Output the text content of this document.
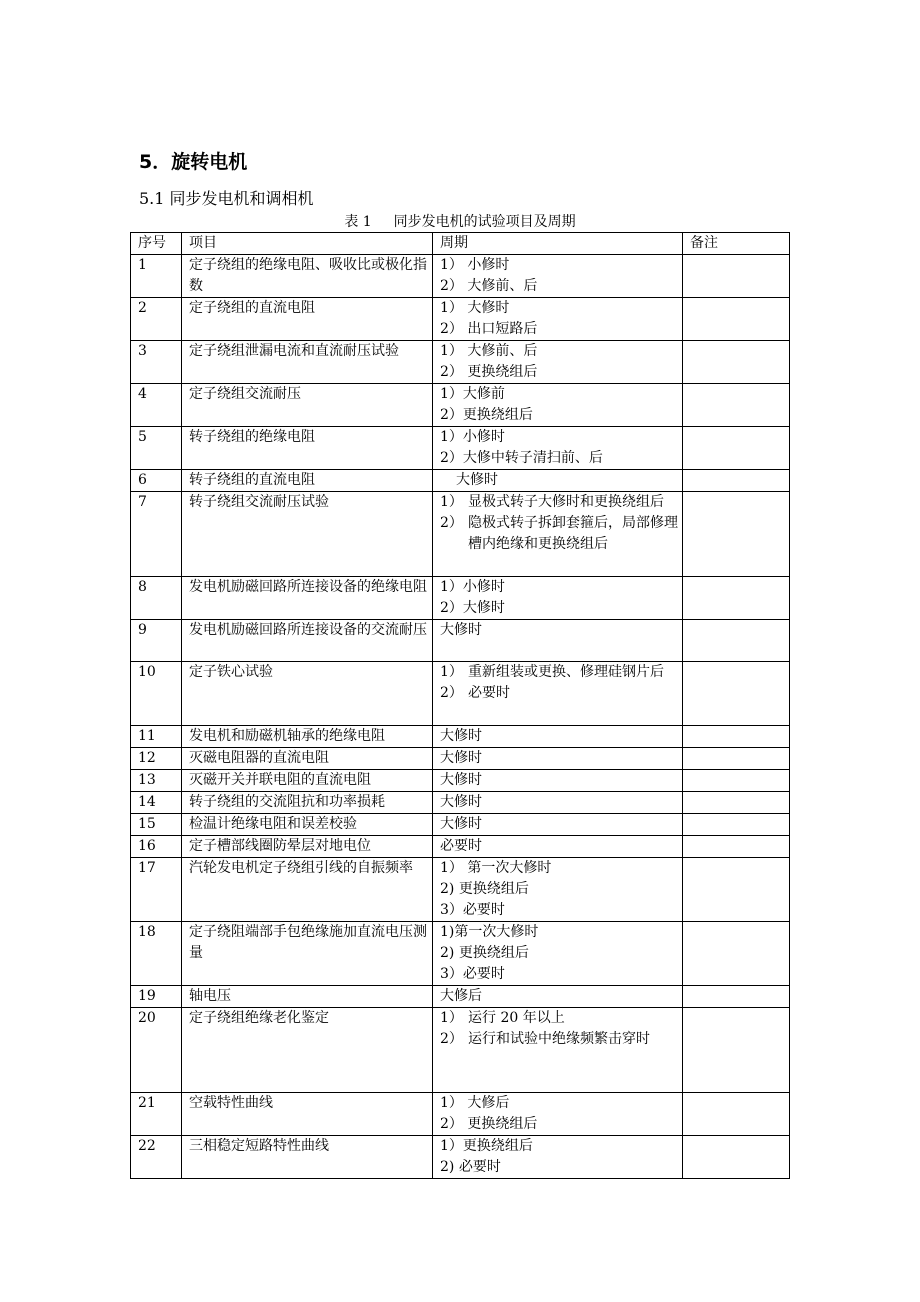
5．旋转电机
5.1 同步发电机和调相机
表 1 同步发电机的试验项目及周期
序号	项目	周期	备注
1	定子绕组的绝缘电阻、吸收比或极化指数	1） 小修时
2） 大修前、后	

2	定子绕组的直流电阻	1） 大修时
2） 出口短路后	

3	定子绕组泄漏电流和直流耐压试验	1） 大修前、后
2） 更换绕组后	

4	定子绕组交流耐压	1）大修前
2）更换绕组后	

5	转子绕组的绝缘电阻	1）小修时
2）大修中转子清扫前、后	

6	转子绕组的直流电阻	大修时	

7	转子绕组交流耐压试验	1） 显极式转子大修时和更换绕组后
2） 隐极式转子拆卸套箍后，局部修理槽内绝缘和更换绕组后	

8	发电机励磁回路所连接设备的绝缘电阻	1）小修时
2）大修时	

9	发电机励磁回路所连接设备的交流耐压	大修时	

10	定子铁心试验	1） 重新组装或更换、修理硅钢片后
2） 必要时	

11	发电机和励磁机轴承的绝缘电阻	大修时	

12	灭磁电阻器的直流电阻	大修时	

13	灭磁开关并联电阻的直流电阻	大修时	

14	转子绕组的交流阻抗和功率损耗	大修时	

15	检温计绝缘电阻和误差校验	大修时	

16	定子槽部线圈防晕层对地电位	必要时	

17	汽轮发电机定子绕组引线的自振频率	1） 第一次大修时
2) 更换绕组后
3）必要时	

18	定子绕阻端部手包绝缘施加直流电压测量	1)第一次大修时
2) 更换绕组后
3）必要时	

19	轴电压	大修后	

20	定子绕组绝缘老化鉴定	1） 运行 20 年以上
2） 运行和试验中绝缘频繁击穿时	

21	空载特性曲线	1） 大修后
2） 更换绕组后	

22	三相稳定短路特性曲线	1）更换绕组后
2) 必要时	
